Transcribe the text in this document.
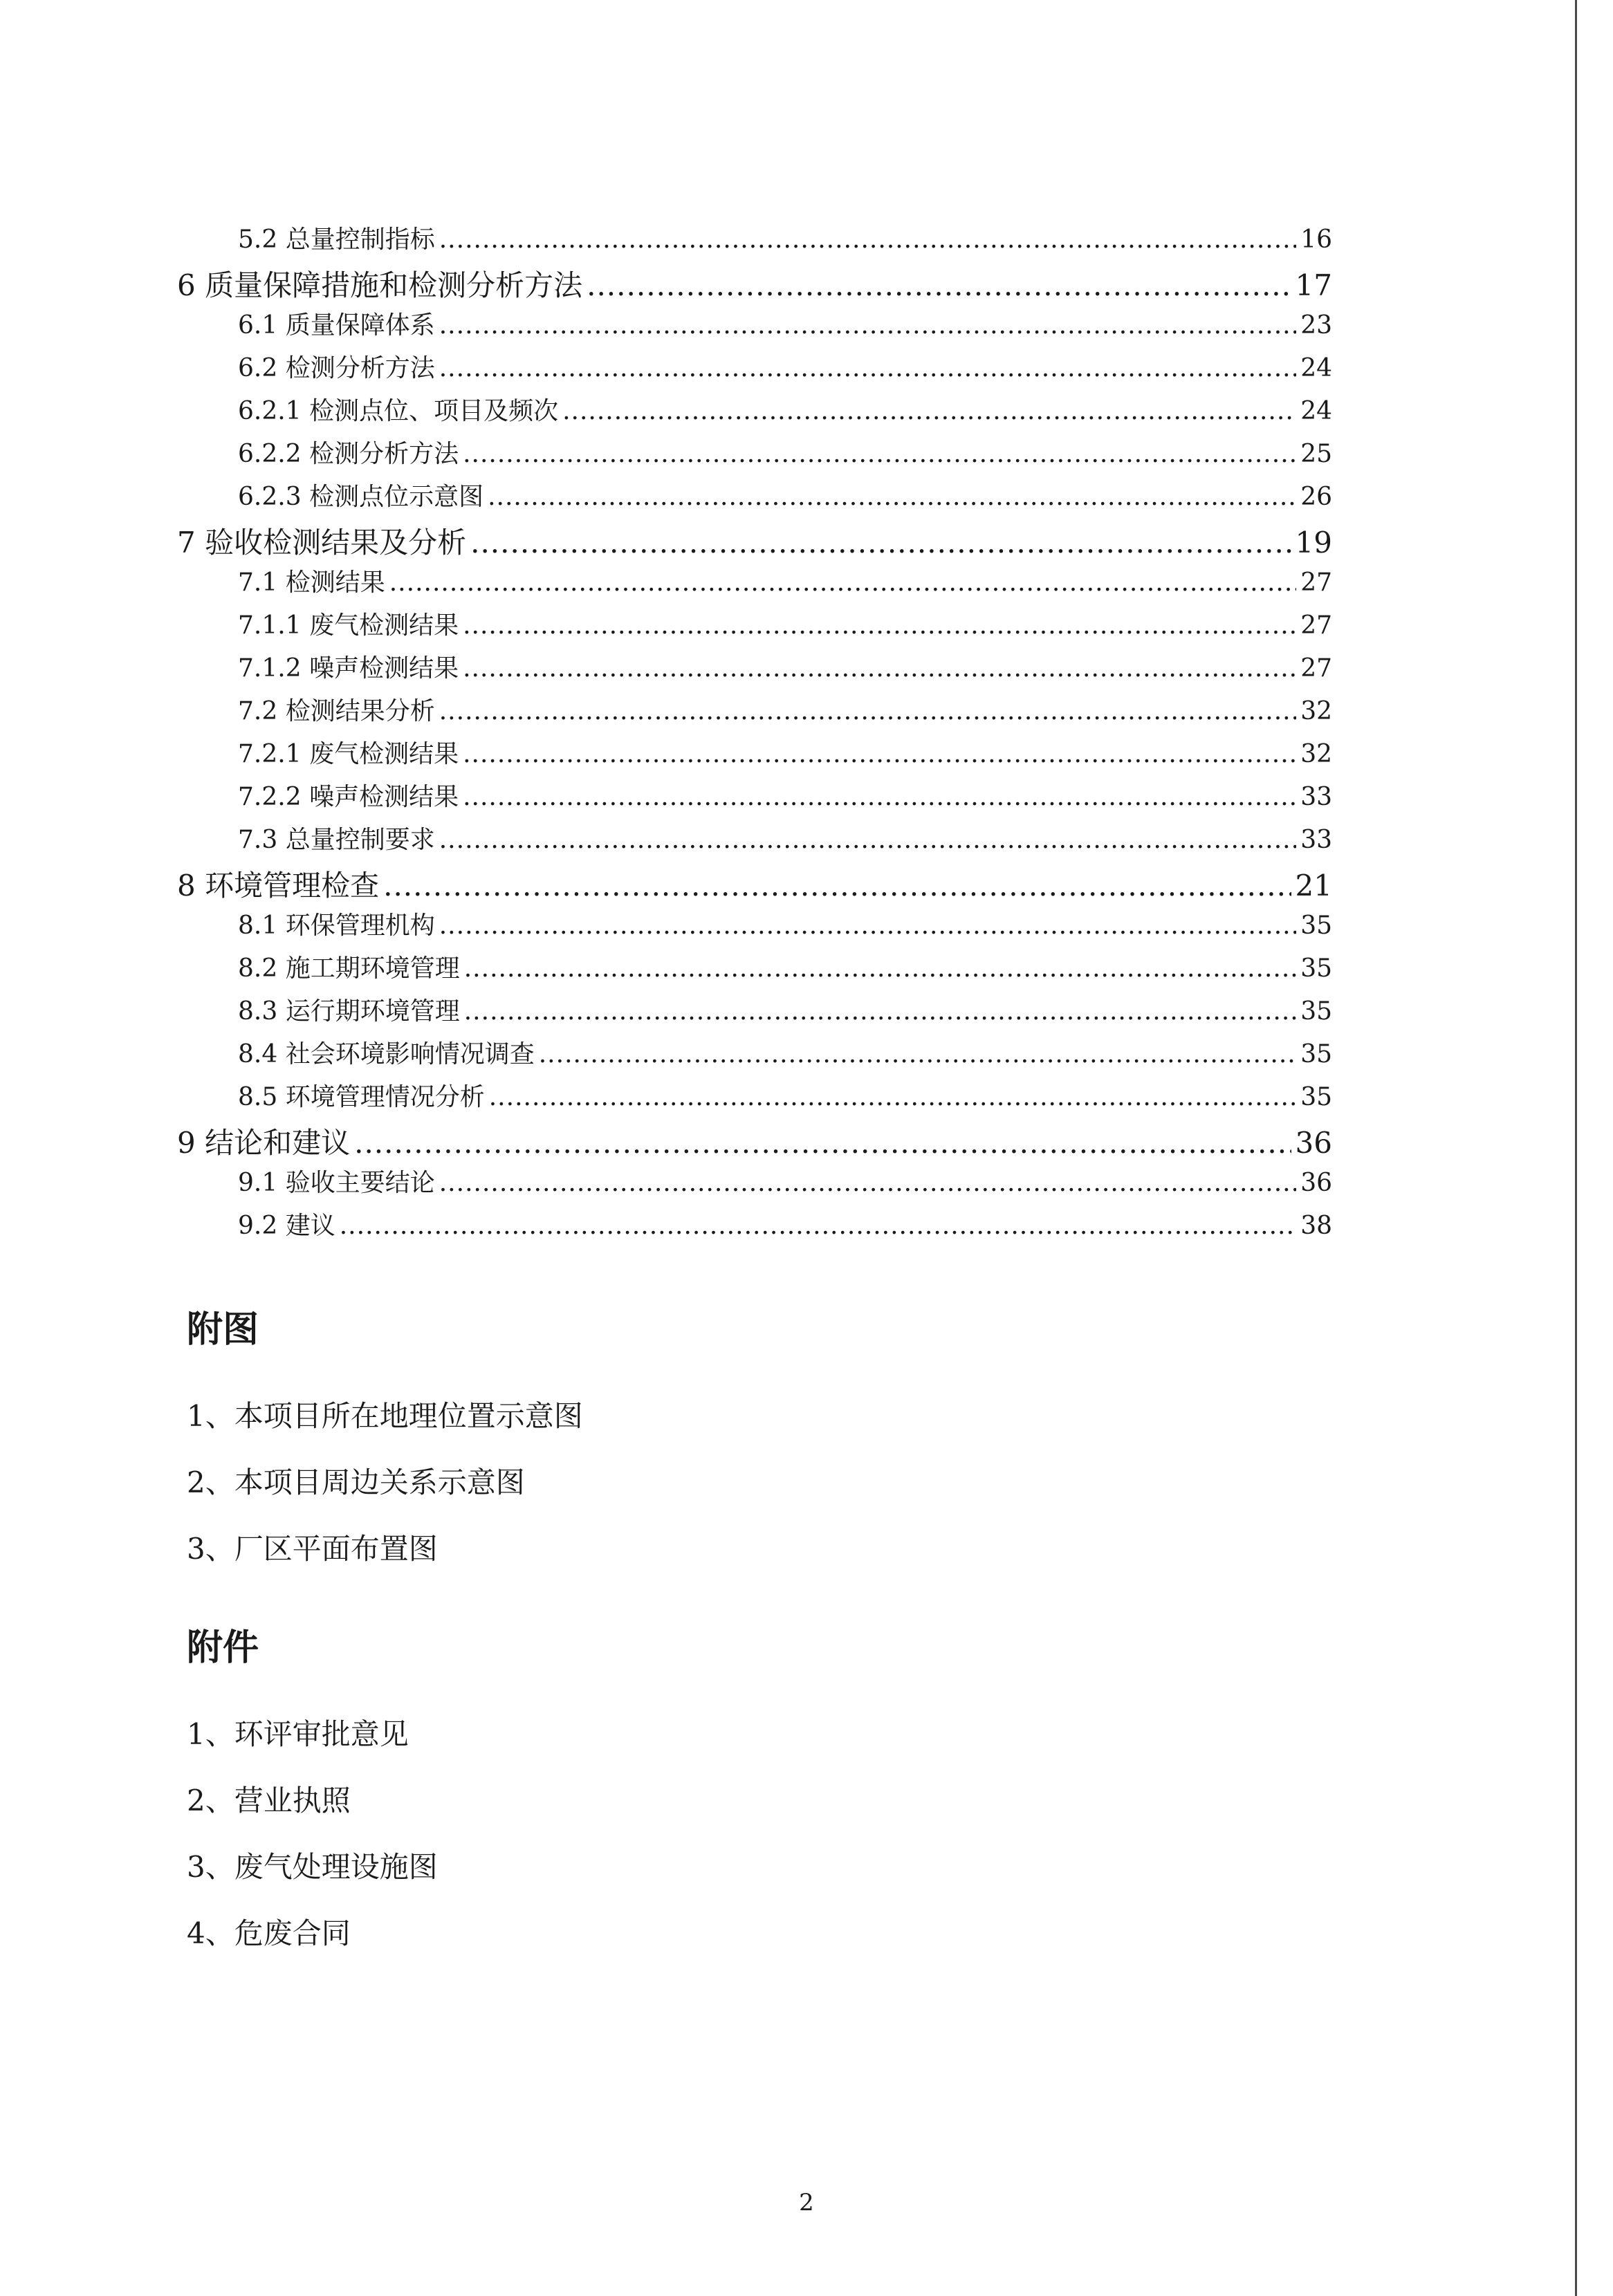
5.2 总量控制指标 .....	16
6 质量保障措施和检测分析方法 .....	17
6.1 质量保障体系 .....	23
6.2 检测分析方法 .....	24
6.2.1 检测点位、项目及频次 .....	24
6.2.2 检测分析方法 .....	25
6.2.3 检测点位示意图 .....	26
7 验收检测结果及分析 .....	19
7.1 检测结果 .....	27
7.1.1 废气检测结果 .....	27
7.1.2 噪声检测结果 .....	27
7.2 检测结果分析 .....	32
7.2.1 废气检测结果 .....	32
7.2.2 噪声检测结果 .....	33
7.3 总量控制要求 .....	33
8 环境管理检查 .....	21
8.1 环保管理机构 .....	35
8.2 施工期环境管理 .....	35
8.3 运行期环境管理 .....	35
8.4 社会环境影响情况调查 .....	35
8.5 环境管理情况分析 .....	35
9 结论和建议 .....	36
9.1 验收主要结论 .....	36
9.2 建议 .....	38
附图
1、本项目所在地理位置示意图
2、本项目周边关系示意图
3、厂区平面布置图
附件
1、环评审批意见
2、营业执照
3、废气处理设施图
4、危废合同
2
